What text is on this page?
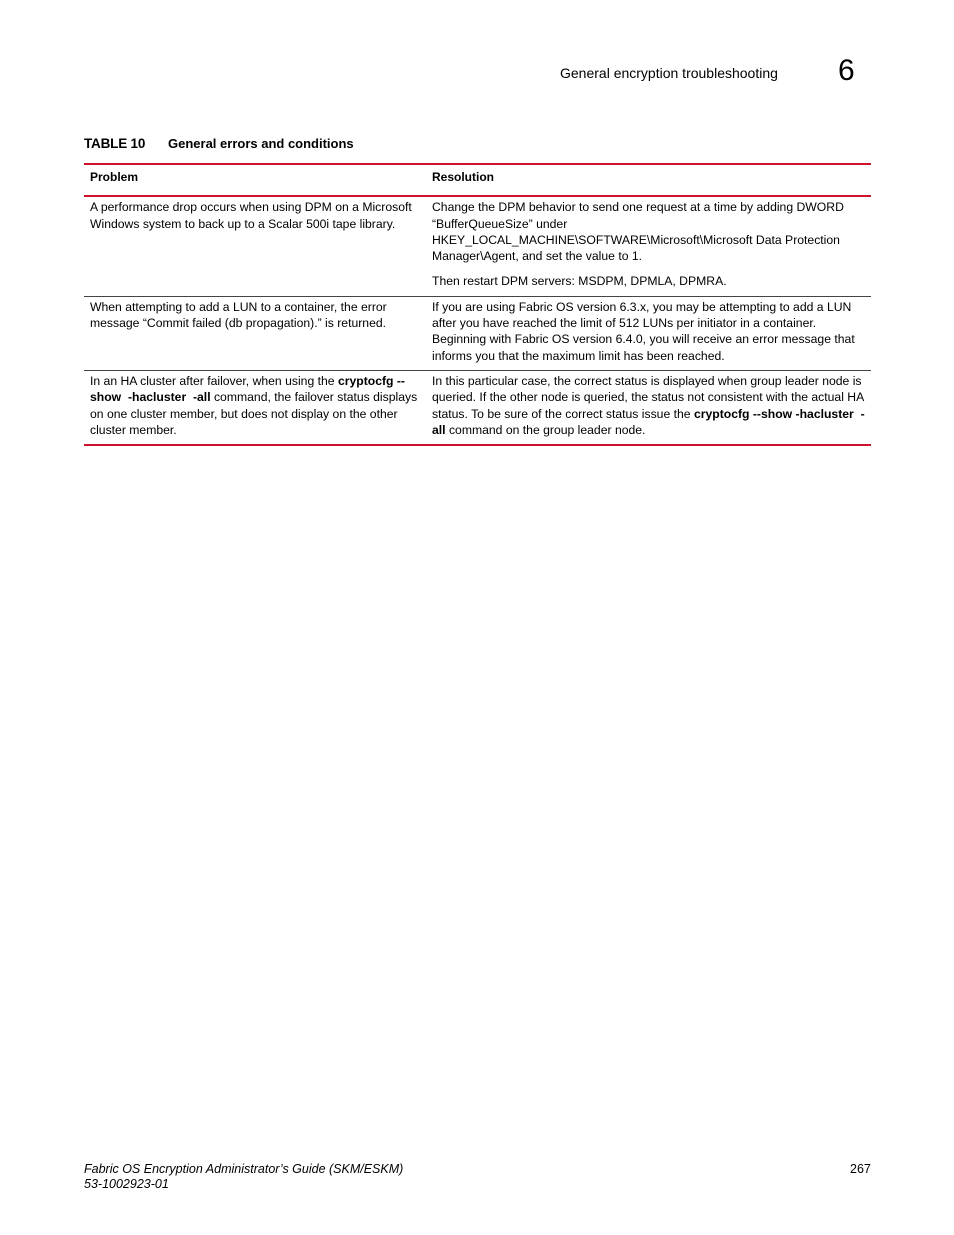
General encryption troubleshooting 6
TABLE 10 General errors and conditions
Problem	Resolution

A performance drop occurs when using DPM on a Microsoft Windows system to back up to a Scalar 500i tape library.	Change the DPM behavior to send one request at a time by adding DWORD “BufferQueueSize” under HKEY_LOCAL_MACHINE\SOFTWARE\Microsoft\Microsoft Data Protection Manager\Agent, and set the value to 1.

Then restart DPM servers: MSDPM, DPMLA, DPMRA.

When attempting to add a LUN to a container, the error message “Commit failed (db propagation).” is returned.	If you are using Fabric OS version 6.3.x, you may be attempting to add a LUN after you have reached the limit of 512 LUNs per initiator in a container. Beginning with Fabric OS version 6.4.0, you will receive an error message that informs you that the maximum limit has been reached.

In an HA cluster after failover, when using the cryptocfg --show -hacluster -all command, the failover status displays on one cluster member, but does not display on the other cluster member.	In this particular case, the correct status is displayed when group leader node is queried. If the other node is queried, the status not consistent with the actual HA status. To be sure of the correct status issue the cryptocfg --show -hacluster -all command on the group leader node.

Fabric OS Encryption Administrator’s Guide (SKM/ESKM)
53-1002923-01
267
